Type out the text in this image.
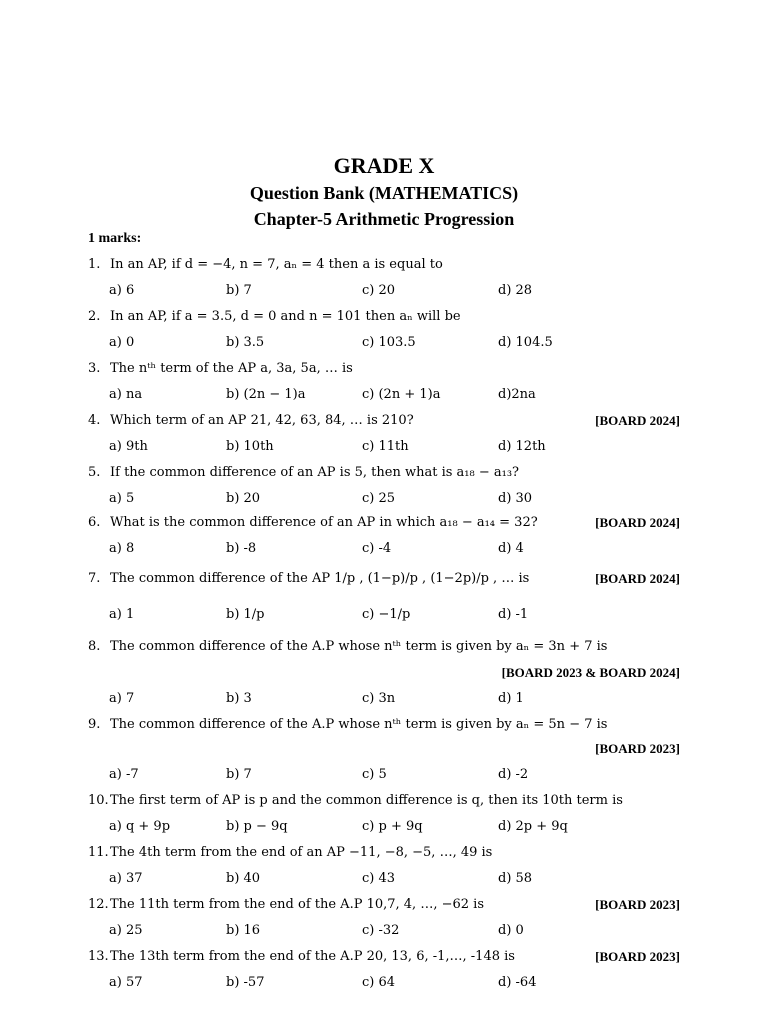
GRADE X
Question Bank (MATHEMATICS)
Chapter-5 Arithmetic Progression
1 marks:
1. In an AP, if d = −4, n = 7, aₙ = 4 then a is equal to
a) 6	b) 7	c) 20	d) 28
2. In an AP, if a = 3.5, d = 0 and n = 101 then aₙ will be
a) 0	b) 3.5	c) 103.5	d) 104.5
3. The nᵗʰ term of the AP a, 3a, 5a, … is
a) na	b) (2n − 1)a	c) (2n + 1)a	d)2na
4. Which term of an AP 21, 42, 63, 84, … is 210?	[BOARD 2024]
a) 9th	b) 10th	c) 11th	d) 12th
5. If the common difference of an AP is 5, then what is a₁₈ − a₁₃?
a) 5	b) 20	c) 25	d) 30
6. What is the common difference of an AP in which a₁₈ − a₁₄ = 32?	[BOARD 2024]
a) 8	b) -8	c) -4	d) 4
7. The common difference of the AP 1/p , (1−p)/p , (1−2p)/p , … is	[BOARD 2024]
a) 1	b) 1/p	c) −1/p	d) -1
8. The common difference of the A.P whose nᵗʰ term is given by aₙ = 3n + 7 is
[BOARD 2023 & BOARD 2024]
a) 7	b) 3	c) 3n	d) 1
9. The common difference of the A.P whose nᵗʰ term is given by aₙ = 5n − 7 is
[BOARD 2023]
a) -7	b) 7	c) 5	d) -2
10.The first term of AP is p and the common difference is q, then its 10th term is
a) q + 9p	b) p − 9q	c) p + 9q	d) 2p + 9q
11.The 4th term from the end of an AP −11, −8, −5, …, 49 is
a) 37	b) 40	c) 43	d) 58
12.The 11th term from the end of the A.P 10,7, 4, …, −62 is	[BOARD 2023]
a) 25	b) 16	c) -32	d) 0
13.The 13th term from the end of the A.P 20, 13, 6, -1,…, -148 is	[BOARD 2023]
a) 57	b) -57	c) 64	d) -64
